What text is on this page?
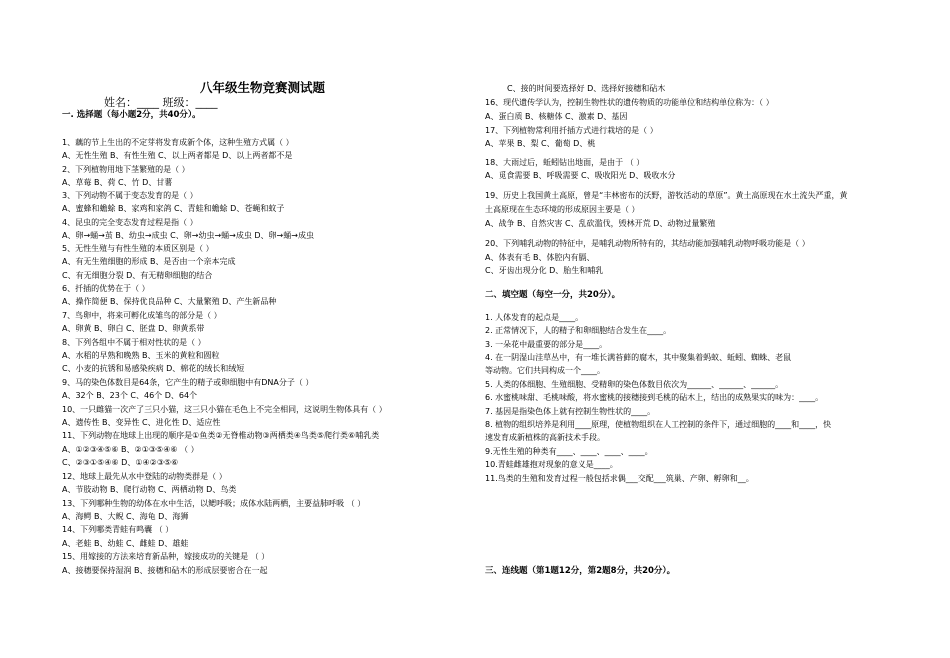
八年级生物竞赛测试题
姓名：____ 班级：____
一. 选择题（每小题2分，共40分）。
1、藕的节上生出的不定芽将发育成新个体，这种生殖方式属（ ）
A、无性生殖 B、有性生殖 C、以上两者都是 D、以上两者都不是
2、下列植物用地下茎繁殖的是（ ）
A、草莓 B、荷 C、竹 D、甘薯
3、下列动物不属于变态发育的是（ ）
A、蜜蜂和蟾蜍 B、家鸡和家鸽 C、青蛙和蟾蜍 D、苍蝇和蚊子
4、昆虫的完全变态发育过程是指（ ）
A、卵→蛹→茧 B、幼虫→成虫 C、卵→幼虫→蛹→成虫 D、卵→蛹→成虫
5、无性生殖与有性生殖的本质区别是（ ）
A、有无生殖细胞的形成 B、是否由一个亲本完成
C、有无细胞分裂 D、有无精卵细胞的结合
6、扦插的优势在于（ ）
A、操作简便 B、保持优良品种 C、大量繁殖 D、产生新品种
7、鸟卵中，将来可孵化成雏鸟的部分是（ ）
A、卵黄 B、卵白 C、胚盘 D、卵黄系带
8、下列各组中不属于相对性状的是（ ）
A、水稻的早熟和晚熟 B、玉米的黄粒和圆粒
C、小麦的抗锈和易感染疾病 D、棉花的绒长和绒短
9、马的染色体数目是64条，它产生的精子或卵细胞中有DNA分子（ ）
A、32个 B、23个 C、46个 D、64个
10、一只雌猫一次产了三只小猫，这三只小猫在毛色上不完全相同，这说明生物体具有（ ）
A、遗传性 B、变异性 C、进化性 D、适应性
11、下列动物在地球上出现的顺序是①鱼类②无脊椎动物③两栖类④鸟类⑤爬行类⑥哺乳类
A、①②③④⑤⑥ B、②①③⑤④⑥ （ ）
C、②③①⑤④⑥ D、①④②③⑤⑥
12、地球上最先从水中登陆的动物类群是（ ）
A、节肢动物 B、爬行动物 C、两栖动物 D、鸟类
13、下列哪种生物的幼体在水中生活，以鳃呼吸；成体水陆两栖，主要益肺呼吸 （ ）
A、海鳄 B、大鲵 C、海龟 D、海狮
14、下列哪类青蛙有鸣囊 （ ）
A、老蛙 B、幼蛙 C、雌蛙 D、雄蛙
15、用嫁接的方法来培育新品种，嫁接成功的关键是 （ ）
A、接穗要保持湿润 B、接穗和砧木的形成层要密合在一起
C、接的时间要选择好 D、选择好接穗和砧木
16、现代遗传学认为，控制生物性状的遗传物质的功能单位和结构单位称为：（ ）
A、蛋白质 B、核糖体 C、激素 D、基因
17、下列植物常利用扦插方式进行栽培的是（ ）
A、苹果 B、梨 C、葡萄 D、桃
18、大雨过后，蚯蚓钻出地面，是由于 （ ）
A、觅食需要 B、呼吸需要 C、吸收阳光 D、吸收水分
19、历史上我国黄土高原，曾是“丰林密布的沃野，游牧活动的草原”。黄土高原现在水土流失严重，黄
土高原现在生态环境的形成原因主要是（ ）
A、战争 B、自然灾害 C、乱砍滥伐，毁林开荒 D、动物过量繁殖
20、下列哺乳动物的特征中，是哺乳动物所特有的，其结动能加强哺乳动物呼吸功能是（ ）
A、体表有毛 B、体腔内有膈、
C、牙齿出现分化 D、胎生和哺乳
二、填空题（每空一分，共20分）。
1. 人体发育的起点是____。
2. 正常情况下，人的精子和卵细胞结合发生在____。
3. 一朵花中最重要的部分是____。
4. 在一阴湿山洼草丛中，有一堆长满苔藓的腐木，其中聚集着蚂蚁、蚯蚓、蜘蛛、老鼠
等动物。它们共同构成一个____。
5. 人类的体细胞、生殖细胞、受精卵的染色体数目依次为______、______、______。
6. 水蜜桃味甜、毛桃味酸，将水蜜桃的接穗接到毛桃的砧木上，结出的成熟果实的味为：____。
7. 基因是指染色体上就有控制生物性状的____。
8. 植物的组织培养是利用____原理，使植物组织在人工控制的条件下，通过细胞的____和____，快
速发育成新植株的高新技术手段。
9.无性生殖的种类有____、____、____、____。
10.青蛙雌雄抱对现象的意义是____。
11.鸟类的生殖和发育过程一般包括求偶___交配___筑巢、产卵、孵卵和__。
三、连线题（第1题12分，第2题8分，共20分）。
